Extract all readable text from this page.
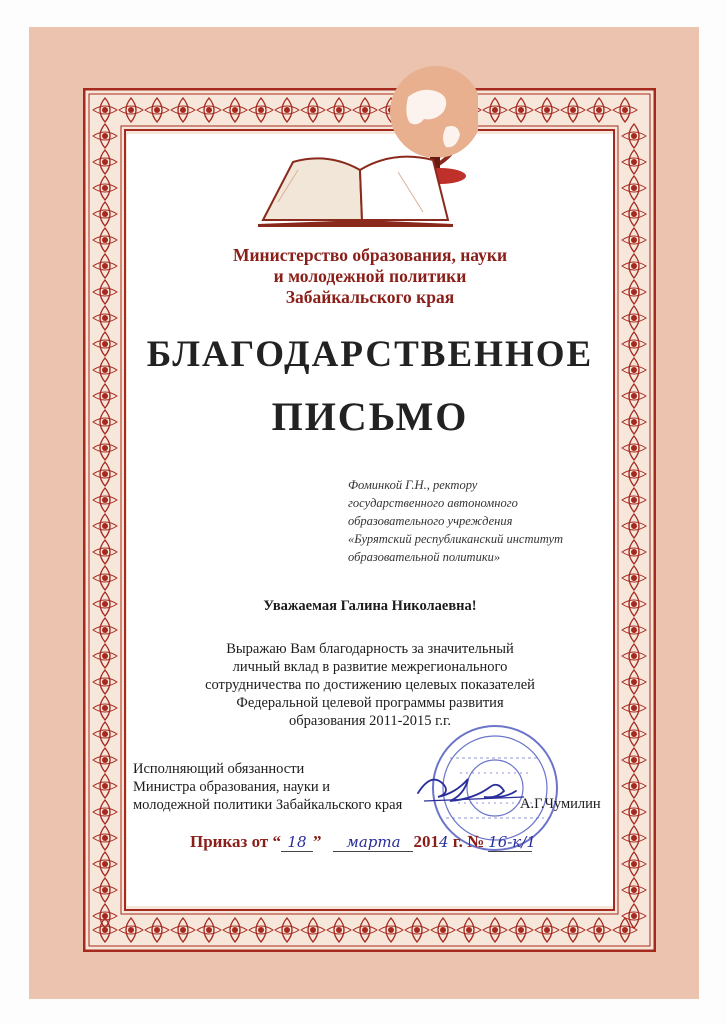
Министерство образования, науки
и молодежной политики
Забайкальского края
БЛАГОДАРСТВЕННОЕ
ПИСЬМО
Фоминкой Г.Н., ректору
государственного автономного
образовательного учреждения
«Бурятский республиканский институт
образовательной политики»
Уважаемая Галина Николаевна!
Выражаю Вам благодарность за значительный
личный вклад в развитие межрегионального
сотрудничества по достижению целевых показателей
Федеральной целевой программы развития
образования 2011-2015 г.г.
Исполняющий обязанности
Министра образования, науки и
молодежной политики Забайкальского края	А.Г.Чумилин
Приказ от “ 18 ” марта 2014 г. № 16-к/1
